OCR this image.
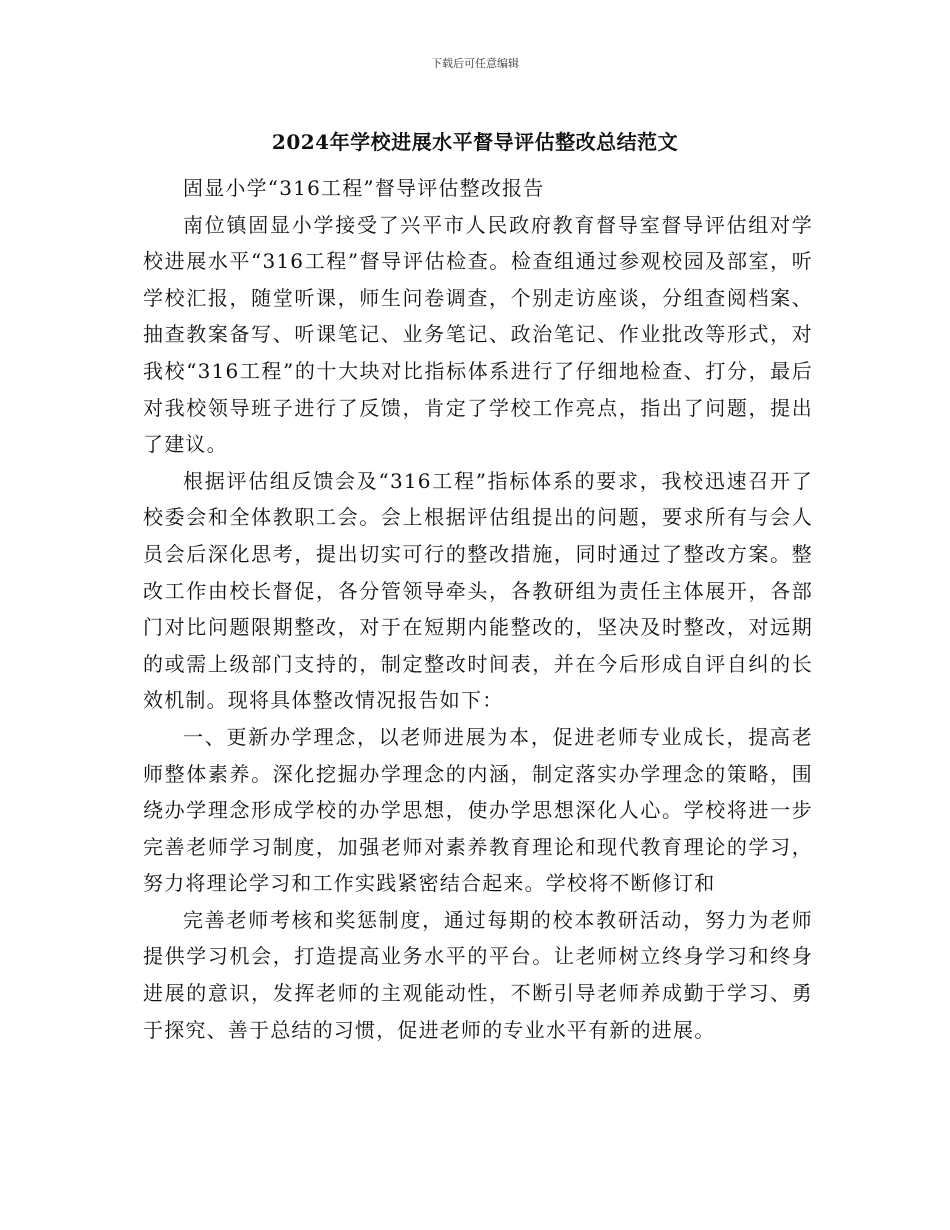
下载后可任意编辑
2024年学校进展水平督导评估整改总结范文

固显小学“316工程”督导评估整改报告

南位镇固显小学接受了兴平市人民政府教育督导室督导评估组对学校进展水平“316工程”督导评估检查。检查组通过参观校园及部室，听学校汇报，随堂听课，师生问卷调查，个别走访座谈，分组查阅档案、抽查教案备写、听课笔记、业务笔记、政治笔记、作业批改等形式，对我校“316工程”的十大块对比指标体系进行了仔细地检查、打分，最后对我校领导班子进行了反馈，肯定了学校工作亮点，指出了问题，提出了建议。

根据评估组反馈会及“316工程”指标体系的要求，我校迅速召开了校委会和全体教职工会。会上根据评估组提出的问题，要求所有与会人员会后深化思考，提出切实可行的整改措施，同时通过了整改方案。整改工作由校长督促，各分管领导牵头，各教研组为责任主体展开，各部门对比问题限期整改，对于在短期内能整改的，坚决及时整改，对远期的或需上级部门支持的，制定整改时间表，并在今后形成自评自纠的长效机制。现将具体整改情况报告如下：

一、更新办学理念，以老师进展为本，促进老师专业成长，提高老师整体素养。深化挖掘办学理念的内涵，制定落实办学理念的策略，围绕办学理念形成学校的办学思想，使办学思想深化人心。学校将进一步完善老师学习制度，加强老师对素养教育理论和现代教育理论的学习，努力将理论学习和工作实践紧密结合起来。学校将不断修订和

完善老师考核和奖惩制度，通过每期的校本教研活动，努力为老师提供学习机会，打造提高业务水平的平台。让老师树立终身学习和终身进展的意识，发挥老师的主观能动性，不断引导老师养成勤于学习、勇于探究、善于总结的习惯，促进老师的专业水平有新的进展。
